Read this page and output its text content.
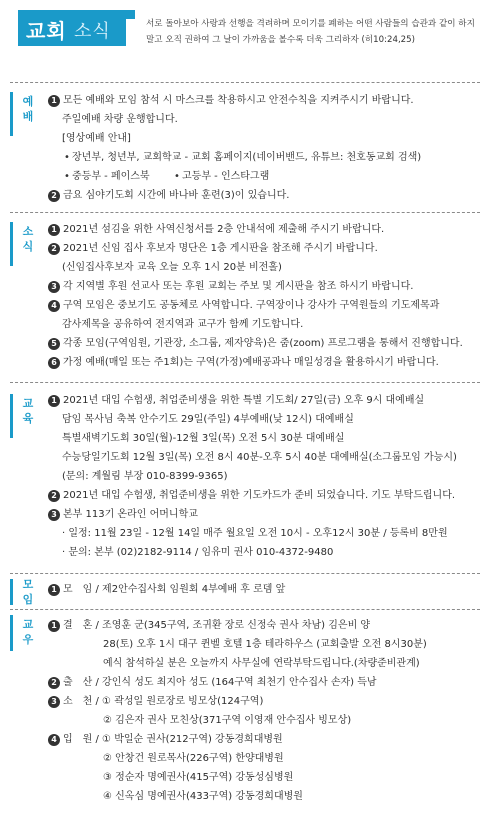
교회 소식	서로 돌아보아 사랑과 선행을 격려하며 모이기를 폐하는 어떤 사람들의 습관과 같이 하지 말고 오직 권하여 그 날이 가까움을 볼수록 더욱 그리하자 (히10:24,25)
예
배
1 모든 예배와 모임 참석 시 마스크를 착용하시고 안전수칙을 지켜주시기 바랍니다.
주일예배 차량 운행합니다.
[영상예배 안내]
• 장년부, 청년부, 교회학교 - 교회 홈페이지(네이버밴드, 유튜브: 천호동교회 검색)
• 중등부 - 페이스북 • 고등부 - 인스타그램
2 금요 심야기도회 시간에 바나바 훈련(3)이 있습니다.
소
식
1 2021년 섬김을 위한 사역신청서를 2층 안내석에 제출해 주시기 바랍니다.
2 2021년 신임 집사 후보자 명단은 1층 게시판을 참조해 주시기 바랍니다.
(신임집사후보자 교육 오늘 오후 1시 20분 비전홀)
3 각 지역별 후원 선교사 또는 후원 교회는 주보 및 게시판을 참조 하시기 바랍니다.
4 구역 모임은 중보기도 공동체로 사역합니다. 구역장이나 강사가 구역원들의 기도제목과
감사제목을 공유하여 전지역과 교구가 함께 기도합니다.
5 각종 모임(구역임원, 기관장, 소그룹, 제자양육)은 줌(zoom) 프로그램을 통해서 진행합니다.
6 가정 예배(매일 또는 주1회)는 구역(가정)예배공과나 매일성경을 활용하시기 바랍니다.
교
육
1 2021년 대입 수험생, 취업준비생을 위한 특별 기도회/ 27일(금) 오후 9시 대예배실
담임 목사님 축복 안수기도 29일(주일) 4부예배(낮 12시) 대예배실
특별새벽기도회 30일(월)-12월 3일(목) 오전 5시 30분 대예배실
수능당일기도회 12월 3일(목) 오전 8시 40분-오후 5시 40분 대예배실(소그룹모임 가능시)
(문의: 계월림 부장 010-8399-9365)
2 2021년 대입 수험생, 취업준비생을 위한 기도카드가 준비 되었습니다. 기도 부탁드립니다.
3 본부 113기 온라인 어머니학교
· 일정: 11월 23일 - 12월 14일 매주 월요일 오전 10시 - 오후12시 30분 / 등록비 8만원
· 문의: 본부 (02)2182-9114 / 임유미 권사 010-4372-9480
모
임
1 모　임 / 제2안수집사회 임원회 4부예배 후 로뎀 앞
교
우
1 결　혼 / 조영훈 군(345구역, 조귀환 장로 신정숙 권사 차남) 김은비 양
28(토) 오후 1시 대구 퀸벨 호텔 1층 테라하우스 (교회출발 오전 8시30분)
예식 참석하실 분은 오늘까지 사무실에 연락부탁드립니다.(차량준비관계)
2 출　산 / 강인식 성도 최지아 성도 (164구역 최천기 안수집사 손자) 득남
3 소　천 / ① 곽성일 원로장로 빙모상(124구역)
② 김은자 권사 모친상(371구역 이영재 안수집사 빙모상)
4 입　원 / ① 박일순 권사(212구역) 강동경희대병원
② 안창건 원로목사(226구역) 한양대병원
③ 정순자 명예권사(415구역) 강동성심병원
④ 신옥심 명예권사(433구역) 강동경희대병원
